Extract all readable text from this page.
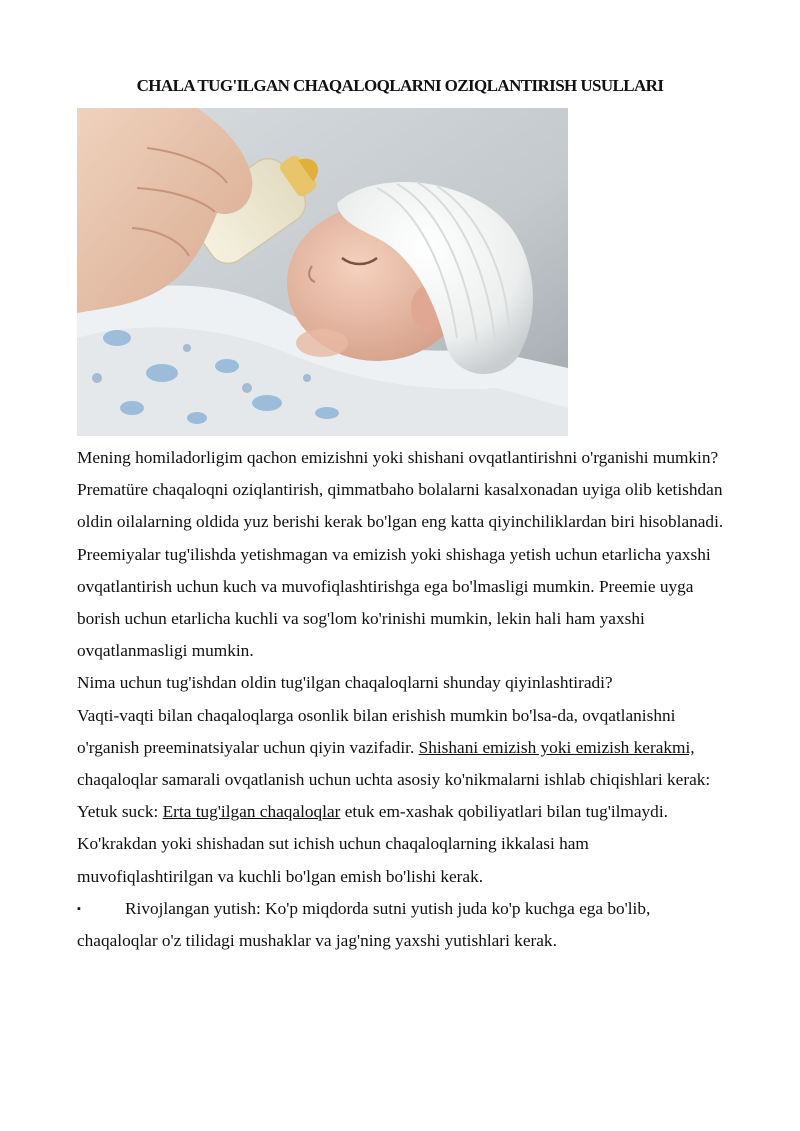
CHALA TUG'ILGAN CHAQALOQLARNI OZIQLANTIRISH USULLARI

Mening homiladorligim qachon emizishni yoki shishani ovqatlantirishni o'rganishi mumkin?

Prematüre chaqaloqni oziqlantirish, qimmatbaho bolalarni kasalxonadan uyiga olib ketishdan oldin oilalarning oldida yuz berishi kerak bo'lgan eng katta qiyinchiliklardan biri hisoblanadi. Preemiyalar tug'ilishda yetishmagan va emizish yoki shishaga yetish uchun etarlicha yaxshi ovqatlantirish uchun kuch va muvofiqlashtirishga ega bo'lmasligi mumkin. Preemie uyga borish uchun etarlicha kuchli va sog'lom ko'rinishi mumkin, lekin hali ham yaxshi ovqatlanmasligi mumkin.

Nima uchun tug'ishdan oldin tug'ilgan chaqaloqlarni shunday qiyinlashtiradi?

Vaqti-vaqti bilan chaqaloqlarga osonlik bilan erishish mumkin bo'lsa-da, ovqatlanishni o'rganish preeminatsiyalar uchun qiyin vazifadir. Shishani emizish yoki emizish kerakmi, chaqaloqlar samarali ovqatlanish uchun uchta asosiy ko'nikmalarni ishlab chiqishlari kerak: Yetuk suck: Erta tug'ilgan chaqaloqlar etuk em-xashak qobiliyatlari bilan tug'ilmaydi. Ko'krakdan yoki shishadan sut ichish uchun chaqaloqlarning ikkalasi ham muvofiqlashtirilgan va kuchli bo'lgan emish bo'lishi kerak.

▪	Rivojlangan yutish: Ko'p miqdorda sutni yutish juda ko'p kuchga ega bo'lib, chaqaloqlar o'z tilidagi mushaklar va jag'ning yaxshi yutishlari kerak.
